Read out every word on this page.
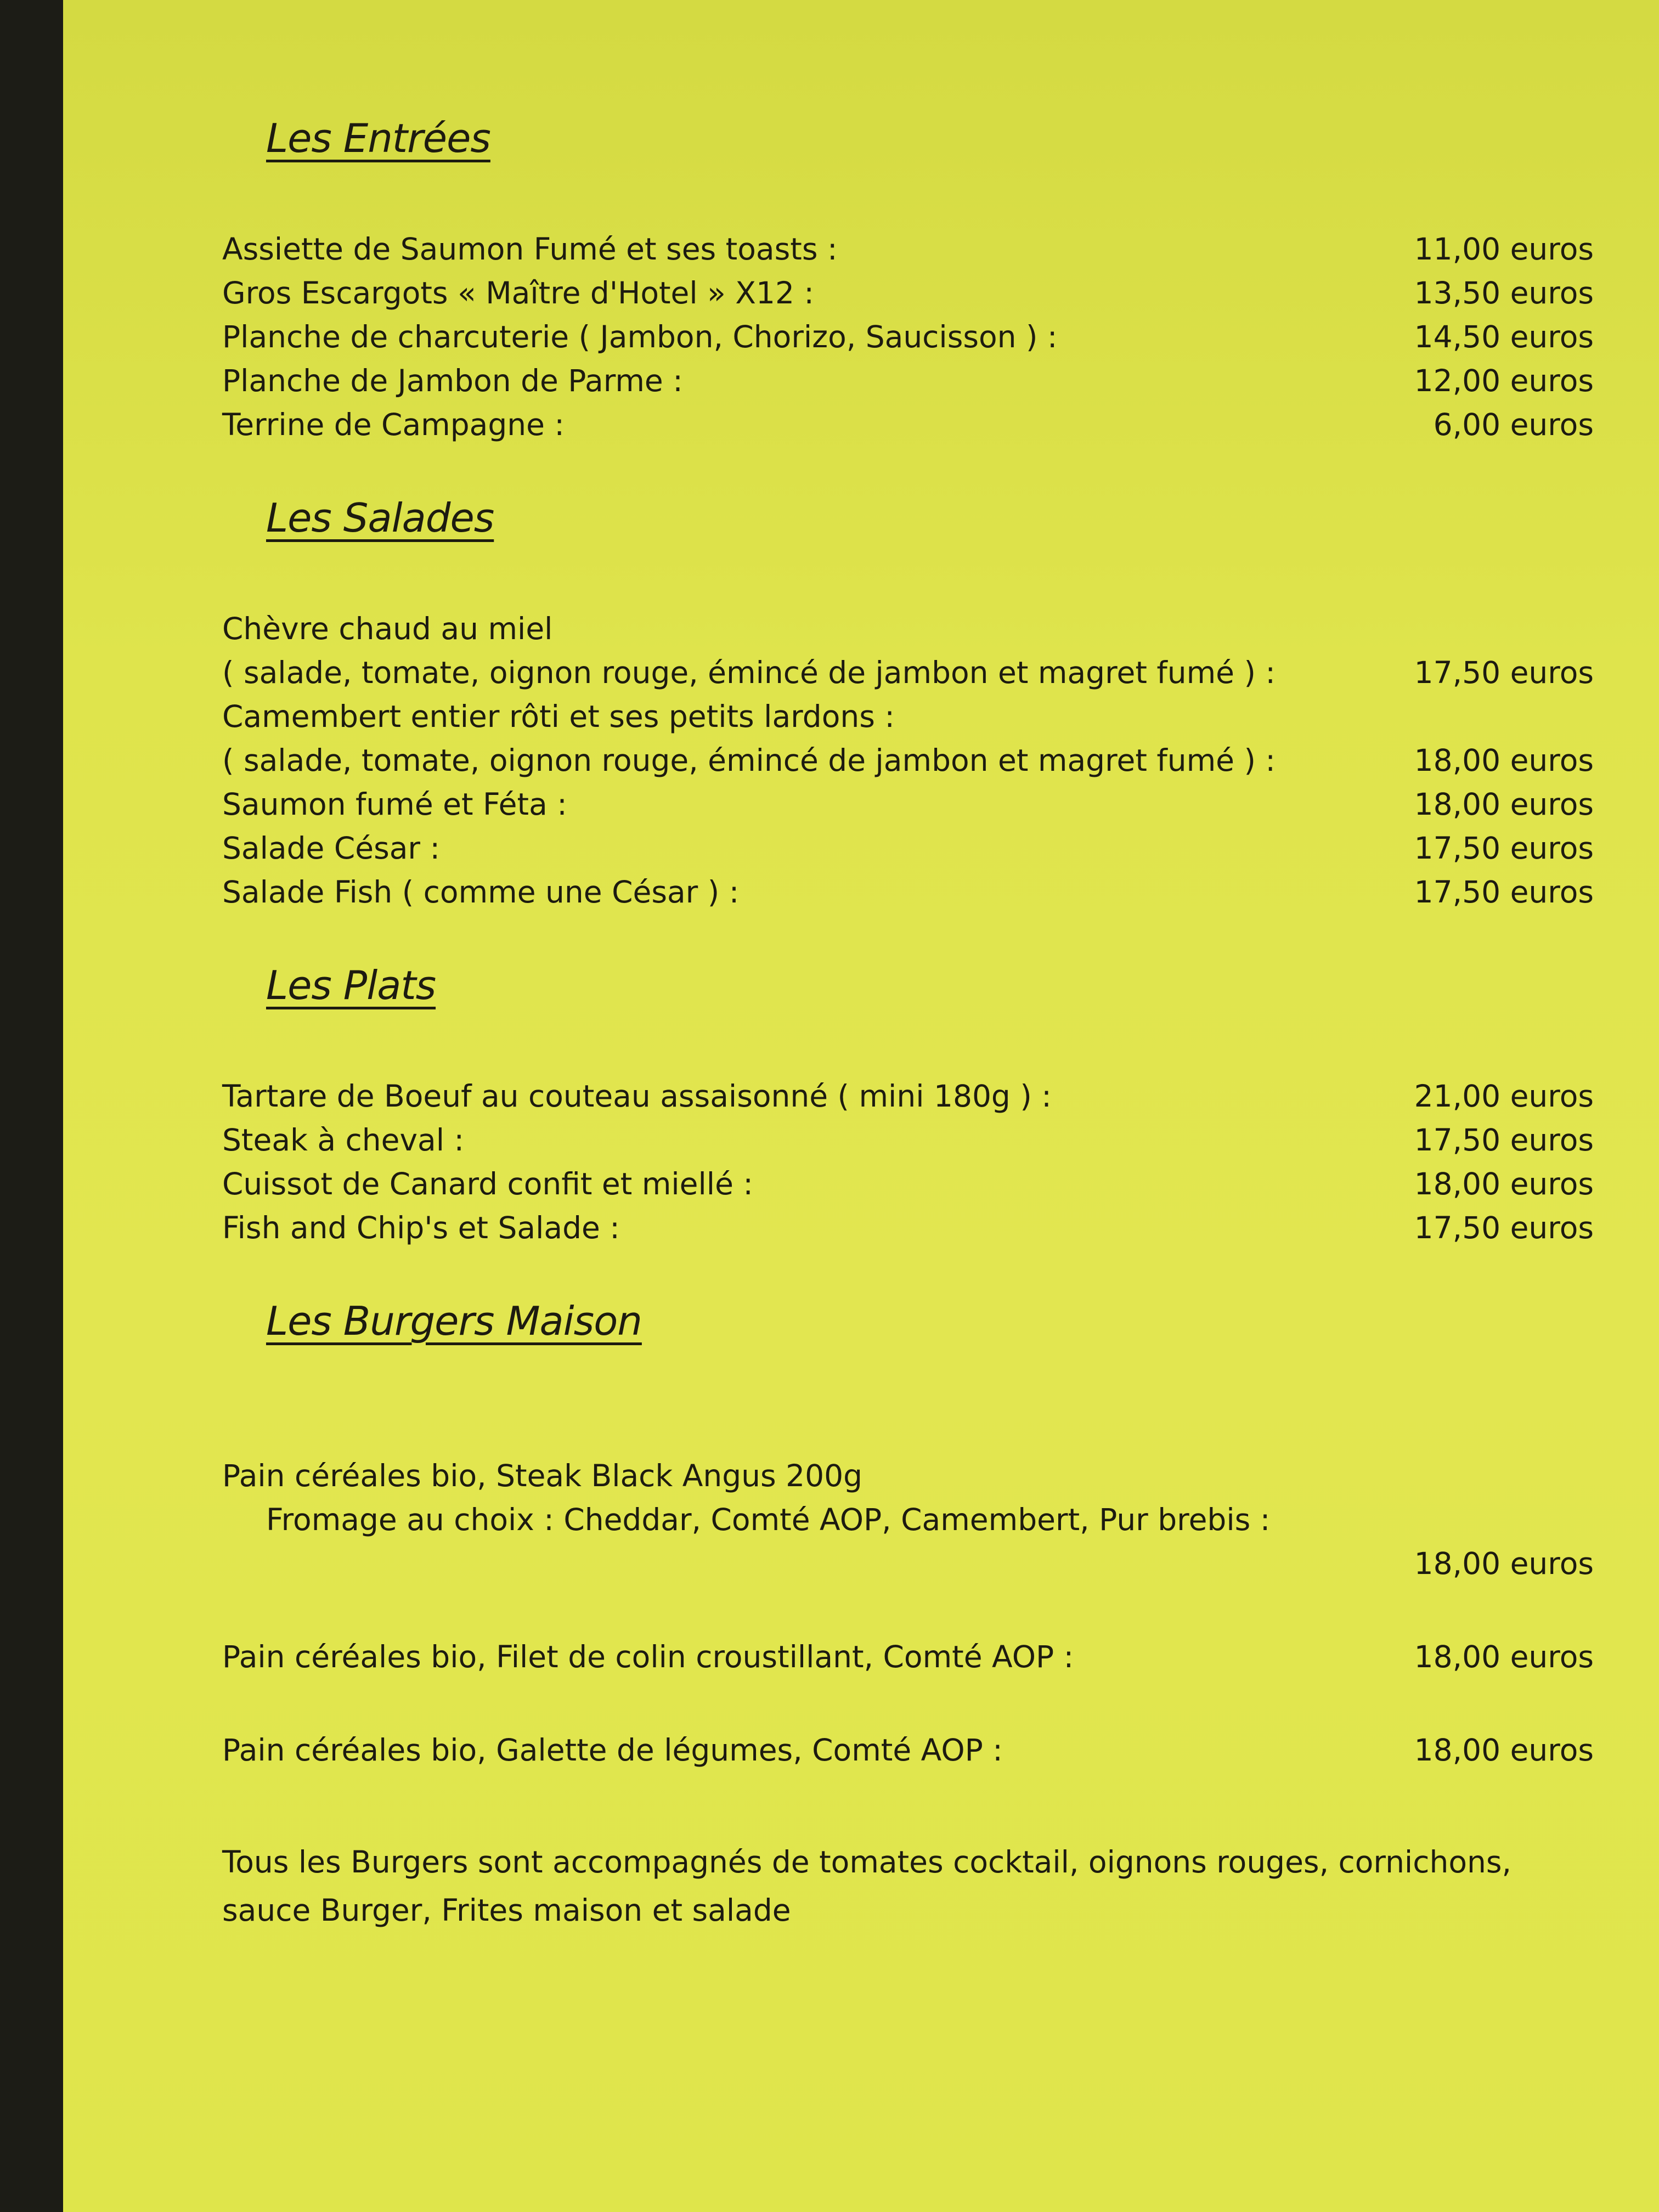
Les Entrées
Assiette de Saumon Fumé et ses toasts :	11,00 euros
Gros Escargots « Maître d'Hotel » X12 :	13,50 euros
Planche de charcuterie ( Jambon, Chorizo, Saucisson ) :	14,50 euros
Planche de Jambon de Parme :	12,00 euros
Terrine de Campagne :	6,00 euros
Les Salades
Chèvre chaud au miel
( salade, tomate, oignon rouge, émincé de jambon et magret fumé ) :	17,50 euros
Camembert entier rôti et ses petits lardons :
( salade, tomate, oignon rouge, émincé de jambon et magret fumé ) :	18,00 euros
Saumon fumé et Féta :	18,00 euros
Salade César :	17,50 euros
Salade Fish ( comme une César ) :	17,50 euros
Les Plats
Tartare de Boeuf au couteau assaisonné ( mini 180g ) :	21,00 euros
Steak à cheval :	17,50 euros
Cuissot de Canard confit et miellé :	18,00 euros
Fish and Chip's et Salade :	17,50 euros
Les Burgers Maison

Pain céréales bio, Steak Black Angus 200g

Fromage au choix : Cheddar, Comté AOP, Camembert, Pur brebis :

18,00 euros
Pain céréales bio, Filet de colin croustillant, Comté AOP :	18,00 euros
Pain céréales bio, Galette de légumes, Comté AOP :	18,00 euros
Tous les Burgers sont accompagnés de tomates cocktail, oignons rouges, cornichons, sauce Burger, Frites maison et salade
